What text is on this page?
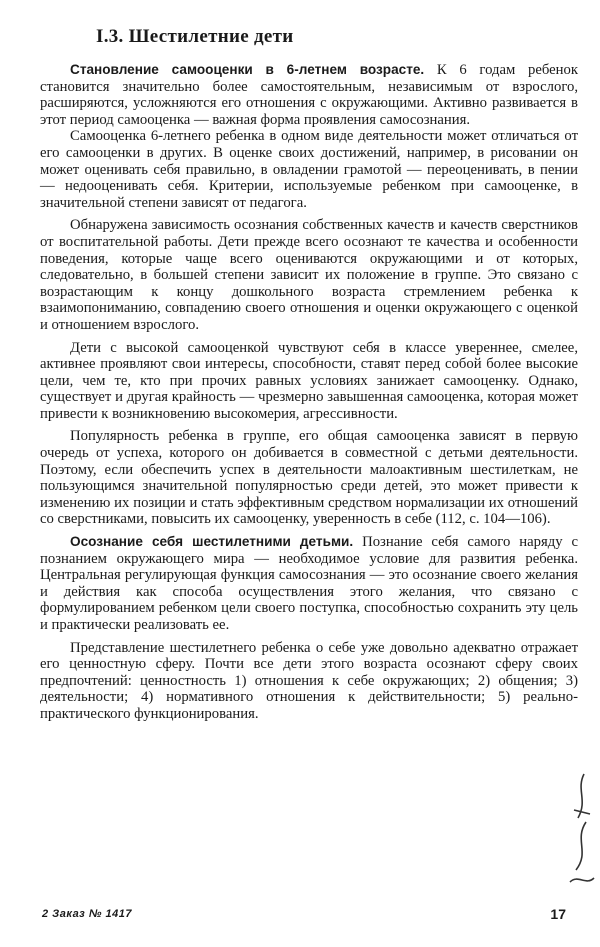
I.3. Шестилетние дети

Становление самооценки в 6-летнем возрасте. К 6 годам ребенок становится значительно более самостоятельным, независимым от взрослого, расширяются, усложняются его отношения с окружающими. Активно развивается в этот период самооценка — важная форма проявления самосознания.

Самооценка 6-летнего ребенка в одном виде деятельности может отличаться от его самооценки в других. В оценке своих достижений, например, в рисовании он может оценивать себя правильно, в овладении грамотой — переоценивать, в пении — недооценивать себя. Критерии, используемые ребенком при самооценке, в значительной степени зависят от педагога.

Обнаружена зависимость осознания собственных качеств и качеств сверстников от воспитательной работы. Дети прежде всего осознают те качества и особенности поведения, которые чаще всего оцениваются окружающими и от которых, следовательно, в большей степени зависит их положение в группе. Это связано с возрастающим к концу дошкольного возраста стремлением ребенка к взаимопониманию, совпадению своего отношения и оценки окружающего с оценкой и отношением взрослого.

Дети с высокой самооценкой чувствуют себя в классе увереннее, смелее, активнее проявляют свои интересы, способности, ставят перед собой более высокие цели, чем те, кто при прочих равных условиях занижает самооценку. Однако, существует и другая крайность — чрезмерно завышенная самооценка, которая может привести к возникновению высокомерия, агрессивности.

Популярность ребенка в группе, его общая самооценка зависят в первую очередь от успеха, которого он добивается в совместной с детьми деятельности. Поэтому, если обеспечить успех в деятельности малоактивным шестилеткам, не пользующимся значительной популярностью среди детей, это может привести к изменению их позиции и стать эффективным средством нормализации их отношений со сверстниками, повысить их самооценку, уверенность в себе (112, с. 104—106).

Осознание себя шестилетними детьми. Познание себя самого наряду с познанием окружающего мира — необходимое условие для развития ребенка. Центральная регулирующая функция самосознания — это осознание своего желания и действия как способа осуществления этого желания, что связано с формулированием ребенком цели своего поступка, способностью сохранить эту цель и практически реализовать ее.

Представление шестилетнего ребенка о себе уже довольно адекватно отражает его ценностную сферу. Почти все дети этого возраста осознают сферу своих предпочтений: ценностность 1) отношения к себе окружающих; 2) общения; 3) деятельности; 4) нормативного отношения к действительности; 5) реально-практического функционирования.

2 Заказ № 1417	17
